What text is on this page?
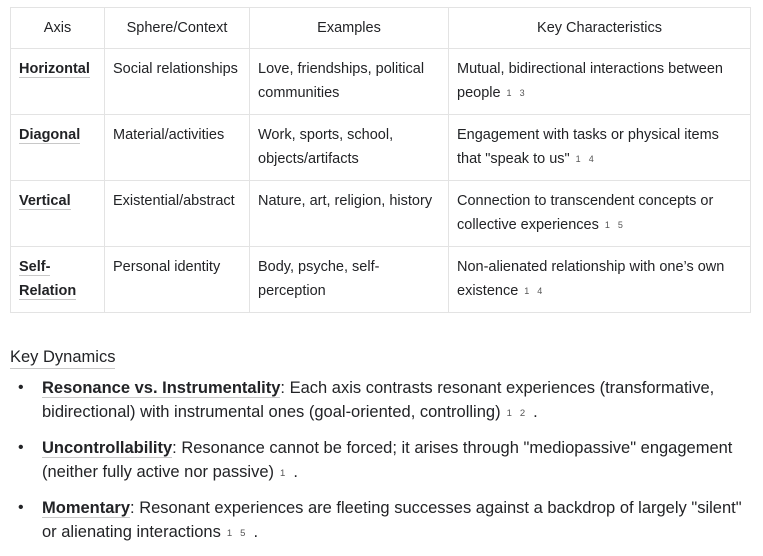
Axis	Sphere/Context	Examples	Key Characteristics
Horizontal	Social relationships	Love, friendships, political communities	Mutual, bidirectional interactions between people 1 3
Diagonal	Material/activities	Work, sports, school, objects/artifacts	Engagement with tasks or physical items that "speak to us" 1 4
Vertical	Existential/abstract	Nature, art, religion, history	Connection to transcendent concepts or collective experiences 1 5
Self-Relation	Personal identity	Body, psyche, self-perception	Non-alienated relationship with one’s own existence 1 4
Key Dynamics
• Resonance vs. Instrumentality: Each axis contrasts resonant experiences (transformative, bidirectional) with instrumental ones (goal-oriented, controlling) 1 2 .
• Uncontrollability: Resonance cannot be forced; it arises through "mediopassive" engagement (neither fully active nor passive) 1 .
• Momentary: Resonant experiences are fleeting successes against a backdrop of largely "silent" or alienating interactions 1 5 .
